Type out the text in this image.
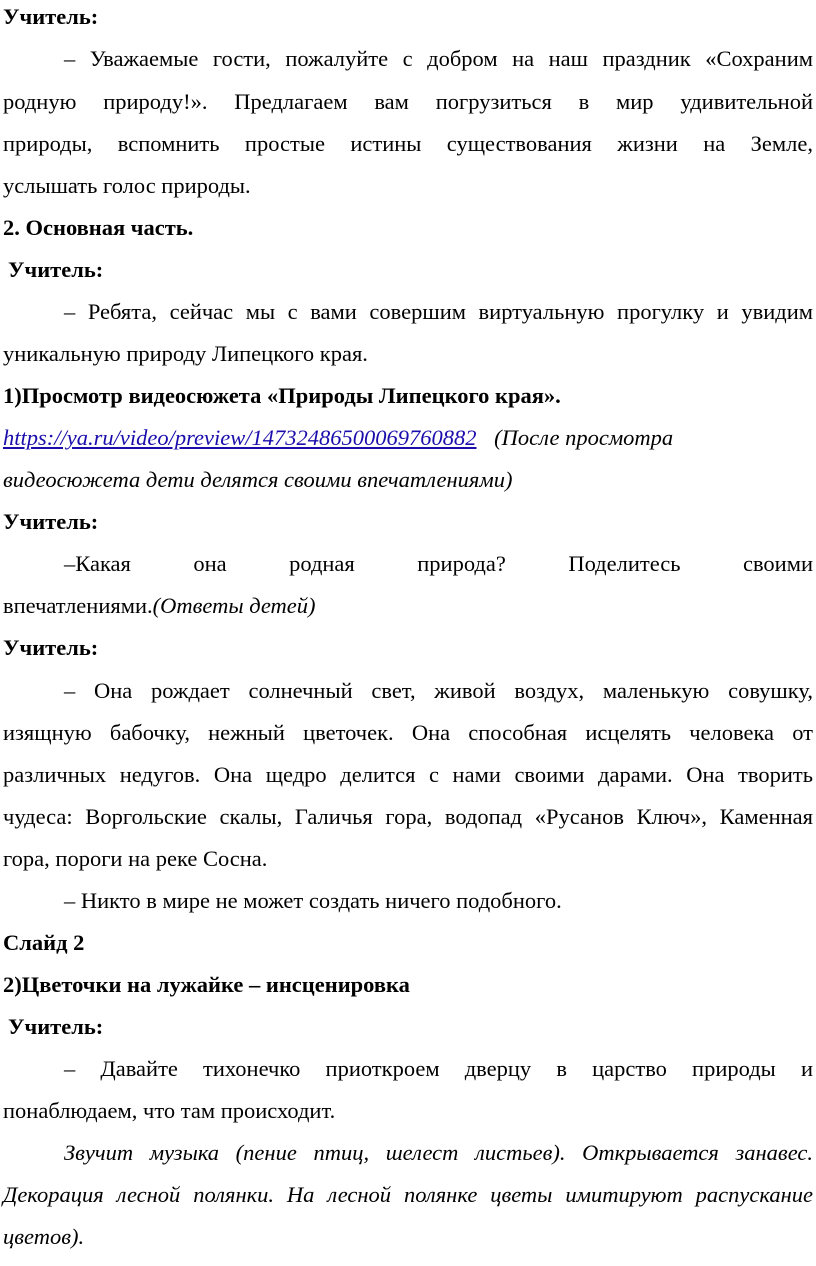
Учитель:
– Уважаемые гости, пожалуйте с добром на наш праздник «Сохраним
родную природу!». Предлагаем вам погрузиться в мир удивительной
природы, вспомнить простые истины существования жизни на Земле,
услышать голос природы.
2. Основная часть.
Учитель:
– Ребята, сейчас мы с вами совершим виртуальную прогулку и увидим
уникальную природу Липецкого края.
1)Просмотр видеосюжета «Природы Липецкого края».
https://ya.ru/video/preview/14732486500069760882 (После просмотра
видеосюжета дети делятся своими впечатлениями)
Учитель:
–Какая она родная природа? Поделитесь своими
впечатлениями.(Ответы детей)
Учитель:
– Она рождает солнечный свет, живой воздух, маленькую совушку,
изящную бабочку, нежный цветочек. Она способная исцелять человека от
различных недугов. Она щедро делится с нами своими дарами. Она творить
чудеса: Воргольские скалы, Галичья гора, водопад «Русанов Ключ», Каменная
гора, пороги на реке Сосна.
– Никто в мире не может создать ничего подобного.
Слайд 2
2)Цветочки на лужайке – инсценировка
Учитель:
– Давайте тихонечко приоткроем дверцу в царство природы и
понаблюдаем, что там происходит.
Звучит музыка (пение птиц, шелест листьев). Открывается занавес.
Декорация лесной полянки. На лесной полянке цветы имитируют распускание
цветов).
